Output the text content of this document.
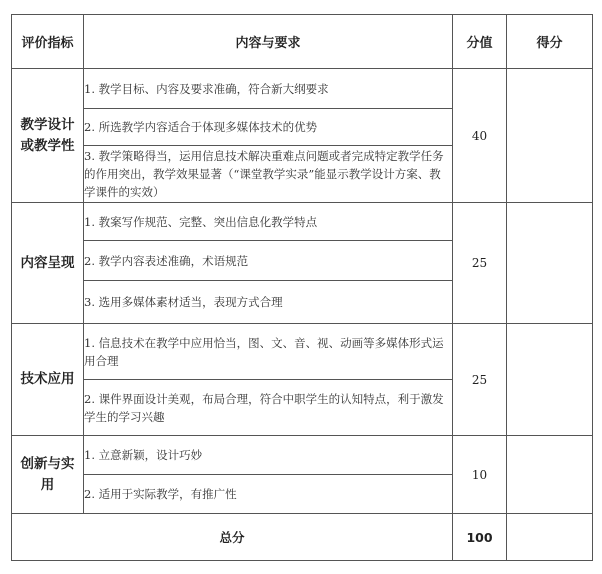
评价指标	内容与要求	分值	得分
教学设计或教学性	1. 教学目标、内容及要求准确，符合新大纲要求	40	
	2. 所选教学内容适合于体现多媒体技术的优势		
	3. 教学策略得当，运用信息技术解决重难点问题或者完成特定教学任务的作用突出，教学效果显著（“课堂教学实录”能显示教学设计方案、教学课件的实效）		
内容呈现	1. 教案写作规范、完整、突出信息化教学特点	25	
	2. 教学内容表述准确，术语规范		
	3. 选用多媒体素材适当，表现方式合理		
技术应用	1. 信息技术在教学中应用恰当，图、文、音、视、动画等多媒体形式运用合理	25	
	2. 课件界面设计美观，布局合理，符合中职学生的认知特点，利于激发学生的学习兴趣		
创新与实用	1. 立意新颖，设计巧妙	10	
	2. 适用于实际教学，有推广性		
总分		100	
